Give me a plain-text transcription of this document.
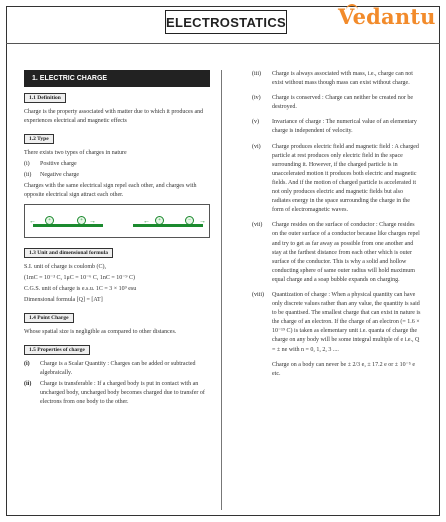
ELECTROSTATICS Vedantu
1. ELECTRIC CHARGE
1.1 Definition
Charge is the property associated with matter due to which it produces and experiences electrical and magnetic effects
1.2 Type
There exists two types of charges in nature
(i)	Positive charge
(ii)	Negative charge
Charges with the same electrical sign repel each other, and charges with opposite electrical sign attract each other.
←	+	+ →	←	+	−	→
1.3 Unit and dimensional formula
S.I. unit of charge is coulomb (C),
(1mC = 10⁻³ C, 1μC = 10⁻⁶ C, 1nC = 10⁻⁹ C)
C.G.S. unit of charge is e.s.u. 1C = 3 × 10⁹ esu
Dimensional formula [Q] = [AT]
1.4 Point Charge
Whose spatial size is negligible as compared to other distances.
1.5 Properties of charge
(i)	Charge is a Scalar Quantity : Charges can be added or subtracted algebraically.
(ii)	Charge is transferable : If a charged body is put in contact with an uncharged body, uncharged body becomes charged due to transfer of electrons from one body to the other.
(iii)	Charge is always associated with mass, i.e., charge can not exist without mass though mass can exist without charge.
(iv)	Charge is conserved : Charge can neither be created nor be destroyed.
(v)	Invariance of charge : The numerical value of an elementary charge is independent of velocity.
(vi)	Charge produces electric field and magnetic field : A charged particle at rest produces only electric field in the space surrounding it. However, if the charged particle is in unaccelerated motion it produces both electric and magnetic fields. And if the motion of charged particle is accelerated it not only produces electric and magnetic fields but also radiates energy in the space surrounding the charge in the form of electromagnetic waves.
(vii)	Charge resides on the surface of conductor : Charge resides on the outer surface of a conductor because like charges repel and try to get as far away as possible from one another and stay at the farthest distance from each other which is outer surface of the conductor. This is why a solid and hollow conducting sphere of same outer radius will hold maximum equal charge and a soap bubble expands on charging.
(viii)	Quantization of charge : When a physical quantity can have only discrete values rather than any value, the quantity is said to be quantised. The smallest charge that can exist in nature is the charge of an electron. If the charge of an electron (= 1.6 × 10⁻¹⁹ C) is taken as elementary unit i.e. quanta of charge the charge on any body will be some integral multiple of e i.e., Q = ± ne with n = 0, 1, 2, 3 ....
Charge on a body can never be ± 2/3 e, ± 17.2 e or ± 10⁻⁵ e etc.
